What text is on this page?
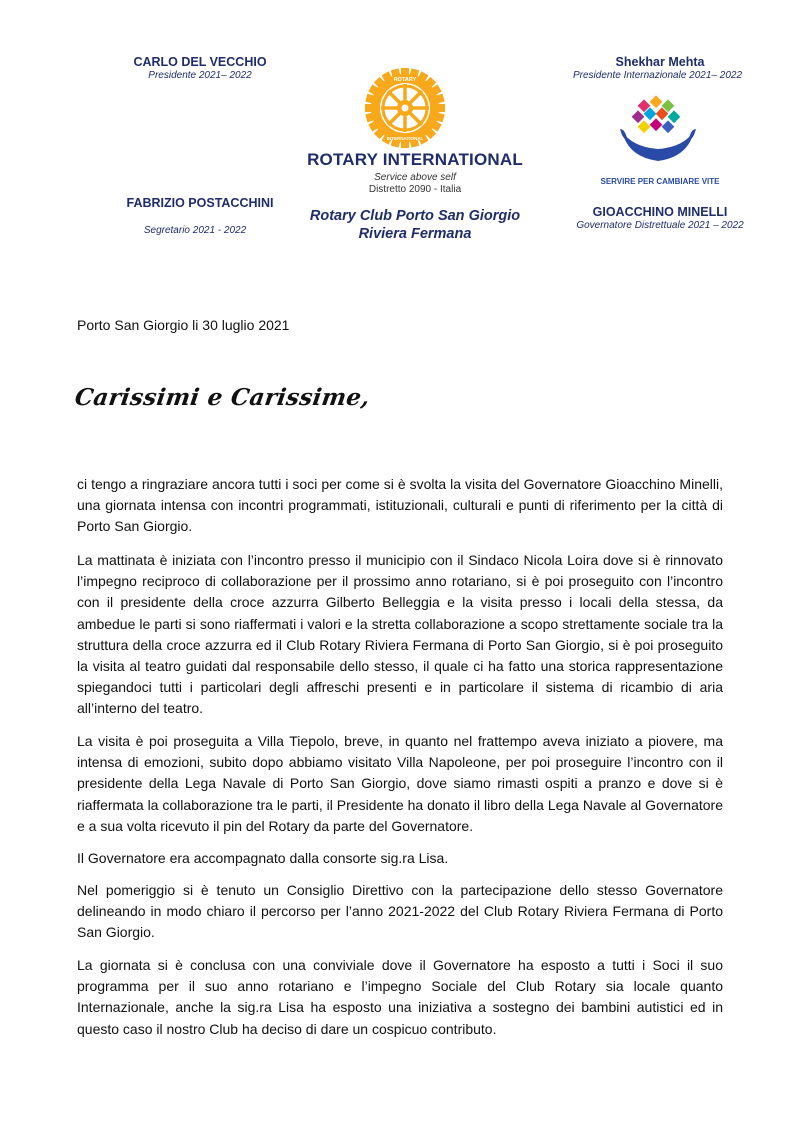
CARLO DEL VECCHIO
Presidente 2021– 2022
FABRIZIO POSTACCHINI
Segretario 2021 - 2022
ROTARY
INTERNATIONAL
ROTARY INTERNATIONAL
Service above self
Distretto 2090 - Italia
Rotary Club Porto San Giorgio
Riviera Fermana
Shekhar Mehta
Presidente Internazionale 2021– 2022
SERVIRE PER CAMBIARE VITE
GIOACCHINO MINELLI
Governatore Distrettuale 2021 – 2022
Porto San Giorgio li 30 luglio 2021
Carissimi e Carissime,

ci tengo a ringraziare ancora tutti i soci per come si è svolta la visita del Governatore Gioacchino Minelli, una giornata intensa con incontri programmati, istituzionali, culturali e punti di riferimento per la città di Porto San Giorgio.

La mattinata è iniziata con l’incontro presso il municipio con il Sindaco Nicola Loira dove si è rinnovato l’impegno reciproco di collaborazione per il prossimo anno rotariano, si è poi proseguito con l’incontro con il presidente della croce azzurra Gilberto Belleggia e la visita presso i locali della stessa, da ambedue le parti si sono riaffermati i valori e la stretta collaborazione a scopo strettamente sociale tra la struttura della croce azzurra ed il Club Rotary Riviera Fermana di Porto San Giorgio, si è poi proseguito la visita al teatro guidati dal responsabile dello stesso, il quale ci ha fatto una storica rappresentazione spiegandoci tutti i particolari degli affreschi presenti e in particolare il sistema di ricambio di aria all’interno del teatro.

La visita è poi proseguita a Villa Tiepolo, breve, in quanto nel frattempo aveva iniziato a piovere, ma intensa di emozioni, subito dopo abbiamo visitato Villa Napoleone, per poi proseguire l’incontro con il presidente della Lega Navale di Porto San Giorgio, dove siamo rimasti ospiti a pranzo e dove si è riaffermata la collaborazione tra le parti, il Presidente ha donato il libro della Lega Navale al Governatore e a sua volta ricevuto il pin del Rotary da parte del Governatore.

Il Governatore era accompagnato dalla consorte sig.ra Lisa.

Nel pomeriggio si è tenuto un Consiglio Direttivo con la partecipazione dello stesso Governatore delineando in modo chiaro il percorso per l’anno 2021-2022 del Club Rotary Riviera Fermana di Porto San Giorgio.

La giornata si è conclusa con una conviviale dove il Governatore ha esposto a tutti i Soci il suo programma per il suo anno rotariano e l’impegno Sociale del Club Rotary sia locale quanto Internazionale, anche la sig.ra Lisa ha esposto una iniziativa a sostegno dei bambini autistici ed in questo caso il nostro Club ha deciso di dare un cospicuo contributo.
